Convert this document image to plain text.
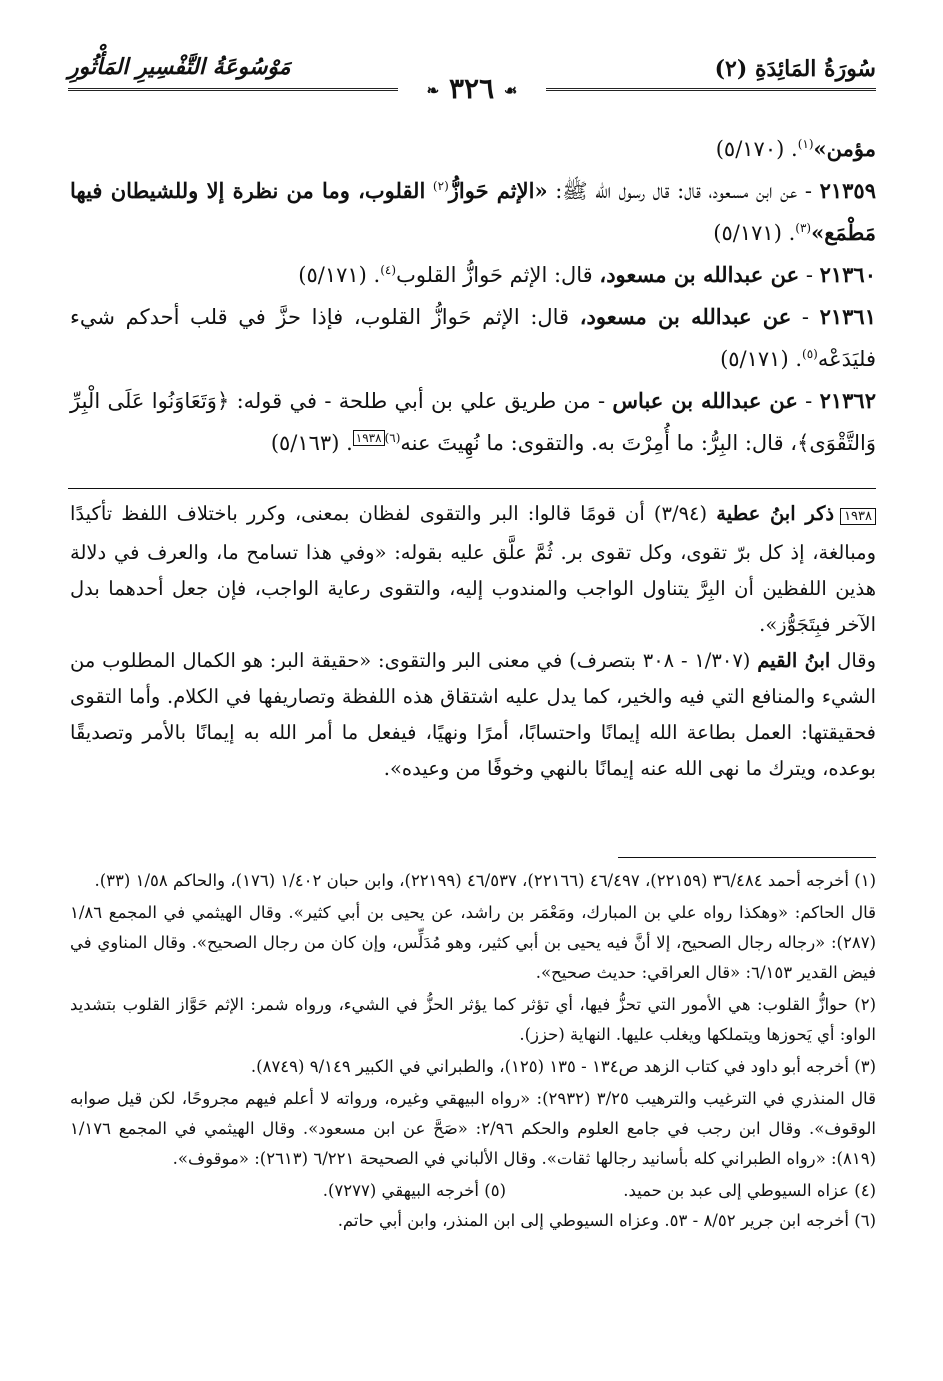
سُورَةُ المَائِدَةِ (٢)
☙ ٣٢٦ ❧
مَوْسُوعَةُ التَّفْسِيرِ المَأْثُورِ

مؤمن»$^{(١)}$. (٥/١٧٠)

٢١٣٥٩ - عن ابن مسعود، قال: قال رسول الله ﷺ: «الإثم حَوازُّ$^{(٢)}$ القلوب، وما من نظرة إلا وللشيطان فيها مَطْمَع»$^{(٣)}$. (٥/١٧١)

٢١٣٦٠ - عن عبدالله بن مسعود، قال: الإثم حَوازُّ القلوب$^{(٤)}$. (٥/١٧١)

٢١٣٦١ - عن عبدالله بن مسعود، قال: الإثم حَوازُّ القلوب، فإذا حزَّ في قلب أحدكم شيء فليَدَعْه$^{(٥)}$. (٥/١٧١)

٢١٣٦٢ - عن عبدالله بن عباس - من طريق علي بن أبي طلحة - في قوله: ﴿وَتَعَاوَنُوا عَلَى الْبِرِّ وَالتَّقْوَى﴾، قال: البِرُّ: ما أُمِرْتَ به. والتقوى: ما نُهِيتَ عنه$^{(٦)١٩٣٨}$. (٥/١٦٣)

١٩٣٨ذكر ابنُ عطية (٣/٩٤) أن قومًا قالوا: البر والتقوى لفظان بمعنى، وكرر باختلاف اللفظ تأكيدًا ومبالغة، إذ كل برّ تقوى، وكل تقوى بر. ثُمَّ علَّق عليه بقوله: «وفي هذا تسامح ما، والعرف في دلالة هذين اللفظين أن البِرَّ يتناول الواجب والمندوب إليه، والتقوى رعاية الواجب، فإن جعل أحدهما بدل الآخر فبِتَجَوُّز».

وقال ابنُ القيم (١/٣٠٧ - ٣٠٨ بتصرف) في معنى البر والتقوى: «حقيقة البر: هو الكمال المطلوب من الشيء والمنافع التي فيه والخير، كما يدل عليه اشتقاق هذه اللفظة وتصاريفها في الكلام. وأما التقوى فحقيقتها: العمل بطاعة الله إيمانًا واحتسابًا، أمرًا ونهيًا، فيفعل ما أمر الله به إيمانًا بالأمر وتصديقًا بوعده، ويترك ما نهى الله عنه إيمانًا بالنهي وخوفًا من وعيده».

(١) أخرجه أحمد ٣٦/٤٨٤ (٢٢١٥٩)، ٤٦/٤٩٧ (٢٢١٦٦)، ٤٦/٥٣٧ (٢٢١٩٩)، وابن حبان ١/٤٠٢ (١٧٦)، والحاكم ١/٥٨ (٣٣).

قال الحاكم: «وهكذا رواه علي بن المبارك، ومَعْمَر بن راشد، عن يحيى بن أبي كثير». وقال الهيثمي في المجمع ١/٨٦ (٢٨٧): «رجاله رجال الصحيح، إلا أنَّ فيه يحيى بن أبي كثير، وهو مُدَلِّس، وإن كان من رجال الصحيح». وقال المناوي في فيض القدير ٦/١٥٣: «قال العراقي: حديث صحيح».

(٢) حوازُّ القلوب: هي الأمور التي تحزُّ فيها، أي تؤثر كما يؤثر الحزُّ في الشيء، ورواه شمر: الإثم حَوَّاز القلوب بتشديد الواو: أي يَحوزها ويتملكها ويغلب عليها. النهاية (حزز).

(٣) أخرجه أبو داود في كتاب الزهد ص١٣٤ - ١٣٥ (١٢٥)، والطبراني في الكبير ٩/١٤٩ (٨٧٤٩).

قال المنذري في الترغيب والترهيب ٣/٢٥ (٢٩٣٢): «رواه البيهقي وغيره، ورواته لا أعلم فيهم مجروحًا، لكن قيل صوابه الوقوف». وقال ابن رجب في جامع العلوم والحكم ٢/٩٦: «صَحَّ عن ابن مسعود». وقال الهيثمي في المجمع ١/١٧٦ (٨١٩): «رواه الطبراني كله بأسانيد رجالها ثقات». وقال الألباني في الصحيحة ٦/٢٢١ (٢٦١٣): «موقوف».

(٤) عزاه السيوطي إلى عبد بن حميد.
(٥) أخرجه البيهقي (٧٢٧٧).

(٦) أخرجه ابن جرير ٨/٥٢ - ٥٣. وعزاه السيوطي إلى ابن المنذر، وابن أبي حاتم.
